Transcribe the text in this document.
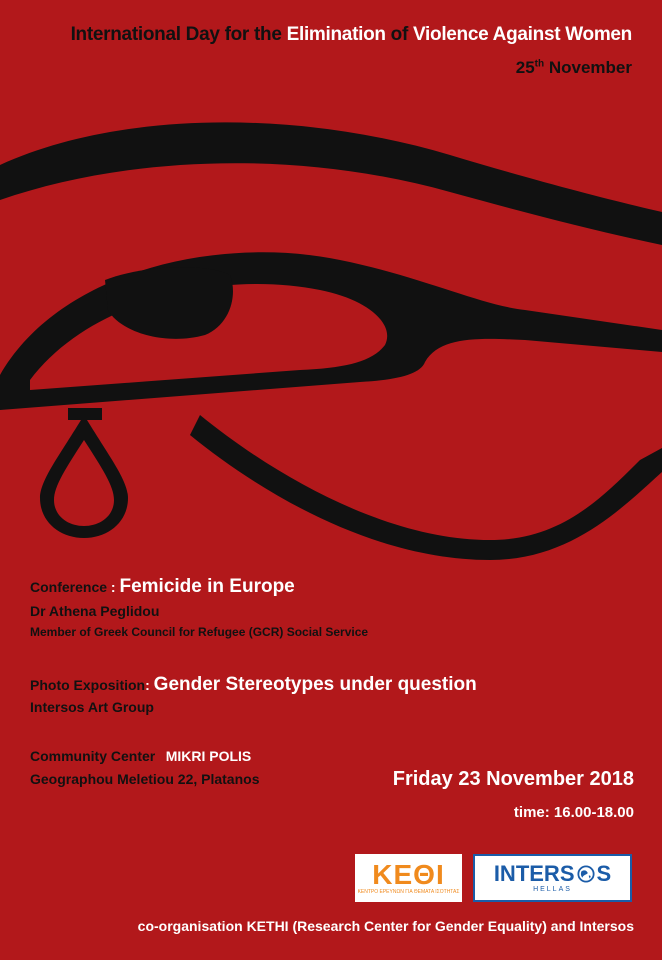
International Day for the Elimination of Violence Against Women
25th November
Conference : Femicide in Europe
Dr Athena Peglidou
Member of Greek Council for Refugee (GCR) Social Service
Photo Exposition: Gender Stereotypes under question
Intersos Art Group
Community Center MIKRI POLIS
Geographou Meletiou 22, Platanos	Friday 23 November 2018
time: 16.00-18.00
ΚΕΘΙ
ΚΕΝΤΡΟ ΕΡΕΥΝΩΝ ΓΙΑ ΘΕΜΑΤΑ ΙΣΟΤΗΤΑΣ
INTERS S
HELLAS
co-organisation KETHI (Research Center for Gender Equality) and Intersos
